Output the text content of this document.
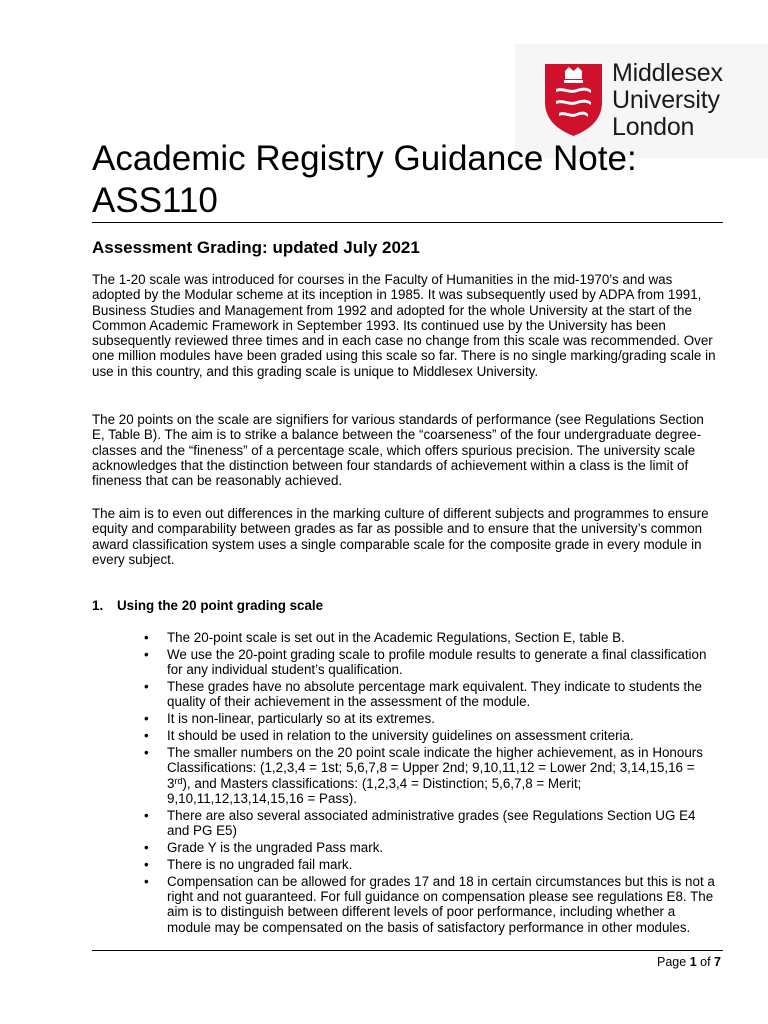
Middlesex
University
London
Academic Registry Guidance Note:
ASS110
Assessment Grading: updated July 2021

The 1-20 scale was introduced for courses in the Faculty of Humanities in the mid-1970’s and was adopted by the Modular scheme at its inception in 1985. It was subsequently used by ADPA from 1991, Business Studies and Management from 1992 and adopted for the whole University at the start of the Common Academic Framework in September 1993. Its continued use by the University has been subsequently reviewed three times and in each case no change from this scale was recommended. Over one million modules have been graded using this scale so far. There is no single marking/grading scale in use in this country, and this grading scale is unique to Middlesex University.

The 20 points on the scale are signifiers for various standards of performance (see Regulations Section E, Table B). The aim is to strike a balance between the “coarseness” of the four undergraduate degree-classes and the “fineness” of a percentage scale, which offers spurious precision. The university scale acknowledges that the distinction between four standards of achievement within a class is the limit of fineness that can be reasonably achieved.

The aim is to even out differences in the marking culture of different subjects and programmes to ensure equity and comparability between grades as far as possible and to ensure that the university’s common award classification system uses a single comparable scale for the composite grade in every module in every subject.

1. Using the 20 point grading scale
• The 20-point scale is set out in the Academic Regulations, Section E, table B.
• We use the 20-point grading scale to profile module results to generate a final classification for any individual student’s qualification.
• These grades have no absolute percentage mark equivalent. They indicate to students the quality of their achievement in the assessment of the module.
• It is non-linear, particularly so at its extremes.
• It should be used in relation to the university guidelines on assessment criteria.
• The smaller numbers on the 20 point scale indicate the higher achievement, as in Honours Classifications: (1,2,3,4 = 1st; 5,6,7,8 = Upper 2nd; 9,10,11,12 = Lower 2nd; 3,14,15,16 = 3rd), and Masters classifications: (1,2,3,4 = Distinction; 5,6,7,8 = Merit; 9,10,11,12,13,14,15,16 = Pass).
• There are also several associated administrative grades (see Regulations Section UG E4 and PG E5)
• Grade Y is the ungraded Pass mark.
• There is no ungraded fail mark.
• Compensation can be allowed for grades 17 and 18 in certain circumstances but this is not a right and not guaranteed. For full guidance on compensation please see regulations E8. The aim is to distinguish between different levels of poor performance, including whether a module may be compensated on the basis of satisfactory performance in other modules.
Page 1 of 7
